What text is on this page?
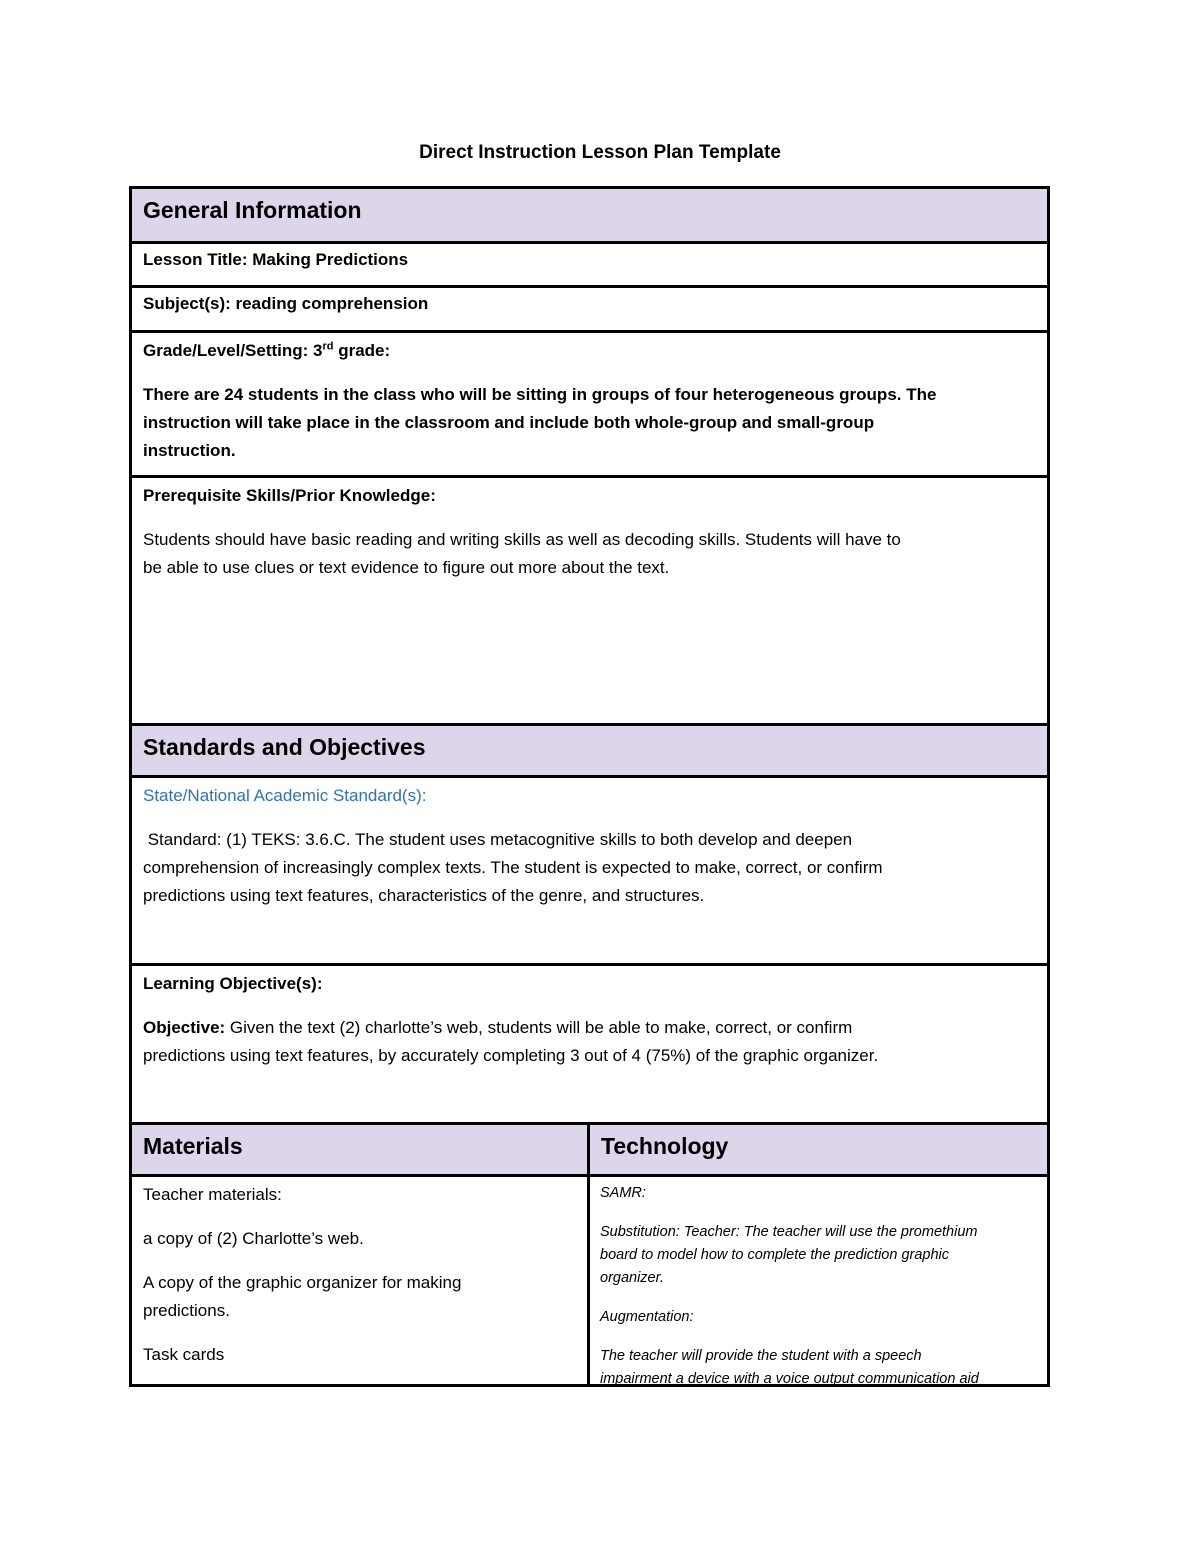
Direct Instruction Lesson Plan Template
General Information
Lesson Title: Making Predictions
Subject(s): reading comprehension
Grade/Level/Setting: 3rd grade:

There are 24 students in the class who will be sitting in groups of four heterogeneous groups. The

instruction will take place in the classroom and include both whole-group and small-group

instruction.

Prerequisite Skills/Prior Knowledge:

Students should have basic reading and writing skills as well as decoding skills. Students will have to

be able to use clues or text evidence to figure out more about the text.

Standards and Objectives
State/National Academic Standard(s):

Standard: (1) TEKS: 3.6.C. The student uses metacognitive skills to both develop and deepen

comprehension of increasingly complex texts. The student is expected to make, correct, or confirm

predictions using text features, characteristics of the genre, and structures.

Learning Objective(s):

Objective: Given the text (2) charlotte’s web, students will be able to make, correct, or confirm

predictions using text features, by accurately completing 3 out of 4 (75%) of the graphic organizer.

Materials	Technology

Teacher materials:

a copy of (2) Charlotte’s web.

A copy of the graphic organizer for making

predictions.

Task cards

SAMR:

Substitution: Teacher: The teacher will use the promethium

board to model how to complete the prediction graphic

organizer.

Augmentation:

The teacher will provide the student with a speech

impairment a device with a voice output communication aid
